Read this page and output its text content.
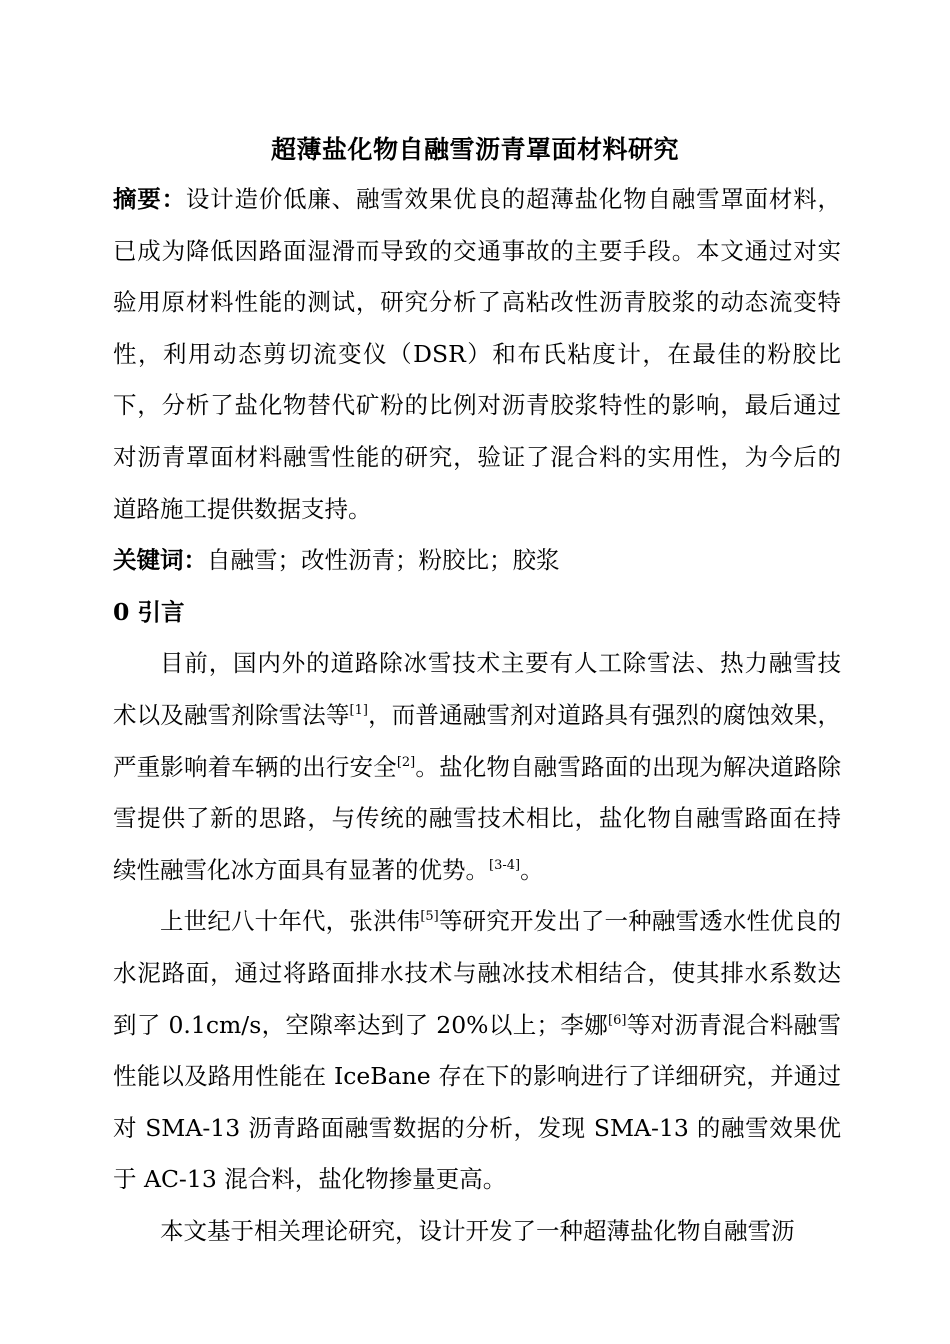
超薄盐化物自融雪沥青罩面材料研究

摘要：设计造价低廉、融雪效果优良的超薄盐化物自融雪罩面材料，已成为降低因路面湿滑而导致的交通事故的主要手段。本文通过对实验用原材料性能的测试，研究分析了高粘改性沥青胶浆的动态流变特性，利用动态剪切流变仪（DSR）和布氏粘度计，在最佳的粉胶比下，分析了盐化物替代矿粉的比例对沥青胶浆特性的影响，最后通过对沥青罩面材料融雪性能的研究，验证了混合料的实用性，为今后的道路施工提供数据支持。

关键词：自融雪；改性沥青；粉胶比；胶浆

0 引言

目前，国内外的道路除冰雪技术主要有人工除雪法、热力融雪技术以及融雪剂除雪法等[1]，而普通融雪剂对道路具有强烈的腐蚀效果，严重影响着车辆的出行安全[2]。盐化物自融雪路面的出现为解决道路除雪提供了新的思路，与传统的融雪技术相比，盐化物自融雪路面在持续性融雪化冰方面具有显著的优势。[3-4]。

上世纪八十年代，张洪伟[5]等研究开发出了一种融雪透水性优良的水泥路面，通过将路面排水技术与融冰技术相结合，使其排水系数达到了 0.1cm/s，空隙率达到了 20%以上；李娜[6]等对沥青混合料融雪性能以及路用性能在 IceBane 存在下的影响进行了详细研究，并通过对 SMA-13 沥青路面融雪数据的分析，发现 SMA-13 的融雪效果优于 AC-13 混合料，盐化物掺量更高。

本文基于相关理论研究，设计开发了一种超薄盐化物自融雪沥
